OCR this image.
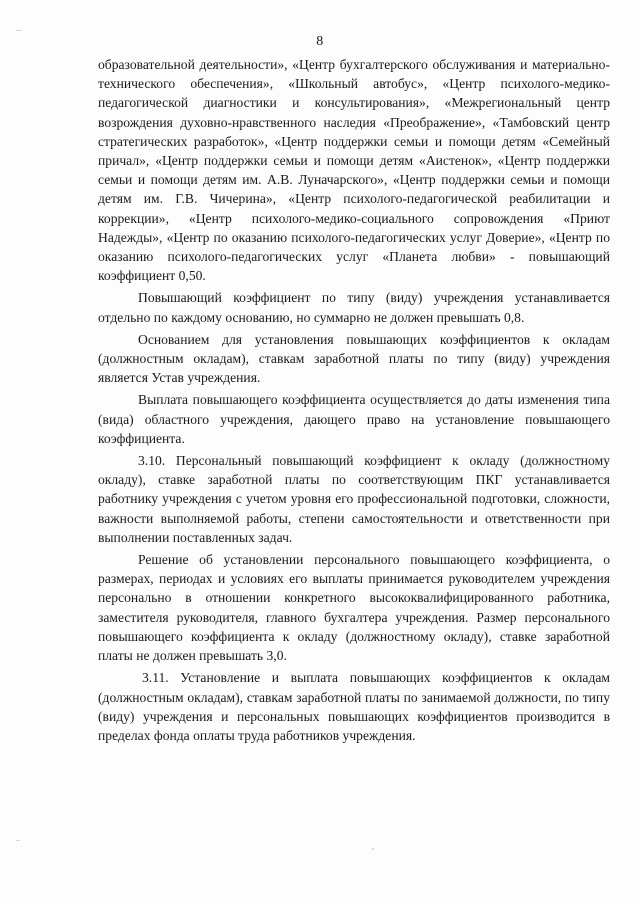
8

образовательной деятельности», «Центр бухгалтерского обслуживания и материально-технического обеспечения», «Школьный автобус», «Центр психолого-медико-педагогической диагностики и консультирования», «Межрегиональный центр возрождения духовно-нравственного наследия «Преображение», «Тамбовский центр стратегических разработок», «Центр поддержки семьи и помощи детям «Семейный причал», «Центр поддержки семьи и помощи детям «Аистенок», «Центр поддержки семьи и помощи детям им. А.В. Луначарского», «Центр поддержки семьи и помощи детям им. Г.В. Чичерина», «Центр психолого-педагогической реабилитации и коррекции», «Центр психолого-медико-социального сопровождения «Приют Надежды», «Центр по оказанию психолого-педагогических услуг Доверие», «Центр по оказанию психолого-педагогических услуг «Планета любви» - повышающий коэффициент 0,50.

Повышающий коэффициент по типу (виду) учреждения устанавливается отдельно по каждому основанию, но суммарно не должен превышать 0,8.

Основанием для установления повышающих коэффициентов к окладам (должностным окладам), ставкам заработной платы по типу (виду) учреждения является Устав учреждения.

Выплата повышающего коэффициента осуществляется до даты изменения типа (вида) областного учреждения, дающего право на установление повышающего коэффициента.

3.10. Персональный повышающий коэффициент к окладу (должностному окладу), ставке заработной платы по соответствующим ПКГ устанавливается работнику учреждения с учетом уровня его профессиональной подготовки, сложности, важности выполняемой работы, степени самостоятельности и ответственности при выполнении поставленных задач.

Решение об установлении персонального повышающего коэффициента, о размерах, периодах и условиях его выплаты принимается руководителем учреждения персонально в отношении конкретного высококвалифицированного работника, заместителя руководителя, главного бухгалтера учреждения. Размер персонального повышающего коэффициента к окладу (должностному окладу), ставке заработной платы не должен превышать 3,0.

3.11. Установление и выплата повышающих коэффициентов к окладам (должностным окладам), ставкам заработной платы по занимаемой должности, по типу (виду) учреждения и персональных повышающих коэффициентов производится в пределах фонда оплаты труда работников учреждения.
